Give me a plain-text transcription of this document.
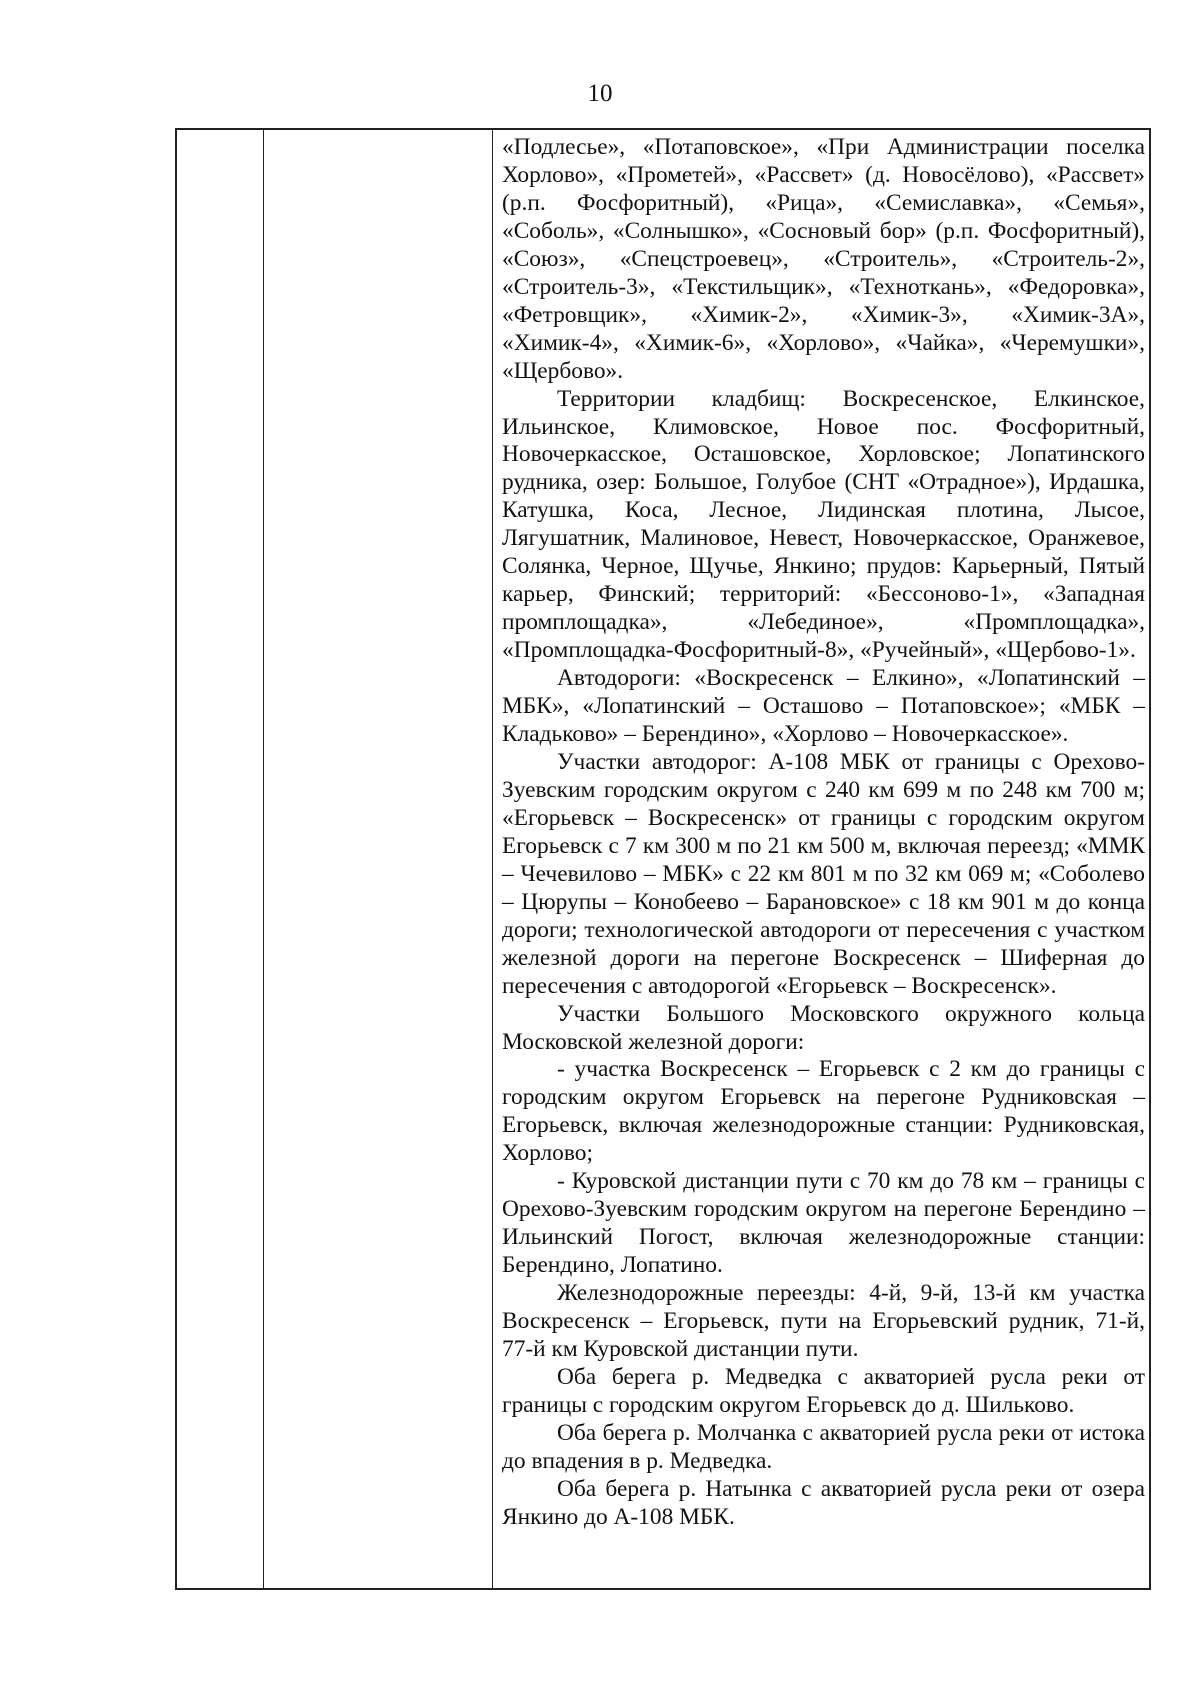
10

«Подлесье», «Потаповское», «При Администрации поселка Хорлово», «Прометей», «Рассвет» (д. Новосёлово), «Рассвет» (р.п. Фосфоритный), «Рица», «Семиславка», «Семья», «Соболь», «Солнышко», «Сосновый бор» (р.п. Фосфоритный), «Союз», «Спецстроевец», «Строитель», «Строитель-2», «Строитель-3», «Текстильщик», «Техноткань», «Федоровка», «Фетровщик», «Химик-2», «Химик-3», «Химик-3А», «Химик-4», «Химик-6», «Хорлово», «Чайка», «Черемушки», «Щербово».

Территории кладбищ: Воскресенское, Елкинское, Ильинское, Климовское, Новое пос. Фосфоритный, Новочеркасское, Осташовское, Хорловское; Лопатинского рудника, озер: Большое, Голубое (СНТ «Отрадное»), Ирдашка, Катушка, Коса, Лесное, Лидинская плотина, Лысое, Лягушатник, Малиновое, Невест, Новочеркасское, Оранжевое, Солянка, Черное, Щучье, Янкино; прудов: Карьерный, Пятый карьер, Финский; территорий: «Бессоново-1», «Западная промплощадка», «Лебединое», «Промплощадка», «Промплощадка-Фосфоритный-8», «Ручейный», «Щербово-1».

Автодороги: «Воскресенск – Елкино», «Лопатинский – МБК», «Лопатинский – Осташово – Потаповское»; «МБК – Кладьково» – Берендино», «Хорлово – Новочеркасское».

Участки автодорог: А-108 МБК от границы с Орехово-Зуевским городским округом с 240 км 699 м по 248 км 700 м; «Егорьевск – Воскресенск» от границы с городским округом Егорьевск с 7 км 300 м по 21 км 500 м, включая переезд; «ММК – Чечевилово – МБК» с 22 км 801 м по 32 км 069 м; «Соболево – Цюрупы – Конобеево – Барановское» с 18 км 901 м до конца дороги; технологической автодороги от пересечения с участком железной дороги на перегоне Воскресенск – Шиферная до пересечения с автодорогой «Егорьевск – Воскресенск».

Участки Большого Московского окружного кольца Московской железной дороги:

- участка Воскресенск – Егорьевск с 2 км до границы с городским округом Егорьевск на перегоне Рудниковская – Егорьевск, включая железнодорожные станции: Рудниковская, Хорлово;

- Куровской дистанции пути с 70 км до 78 км – границы с Орехово-Зуевским городским округом на перегоне Берендино – Ильинский Погост, включая железнодорожные станции: Берендино, Лопатино.

Железнодорожные переезды: 4-й, 9-й, 13-й км участка Воскресенск – Егорьевск, пути на Егорьевский рудник, 71-й, 77-й км Куровской дистанции пути.

Оба берега р. Медведка с акваторией русла реки от границы с городским округом Егорьевск до д. Шильково.

Оба берега р. Молчанка с акваторией русла реки от истока до впадения в р. Медведка.

Оба берега р. Натынка с акваторией русла реки от озера Янкино до А-108 МБК.
